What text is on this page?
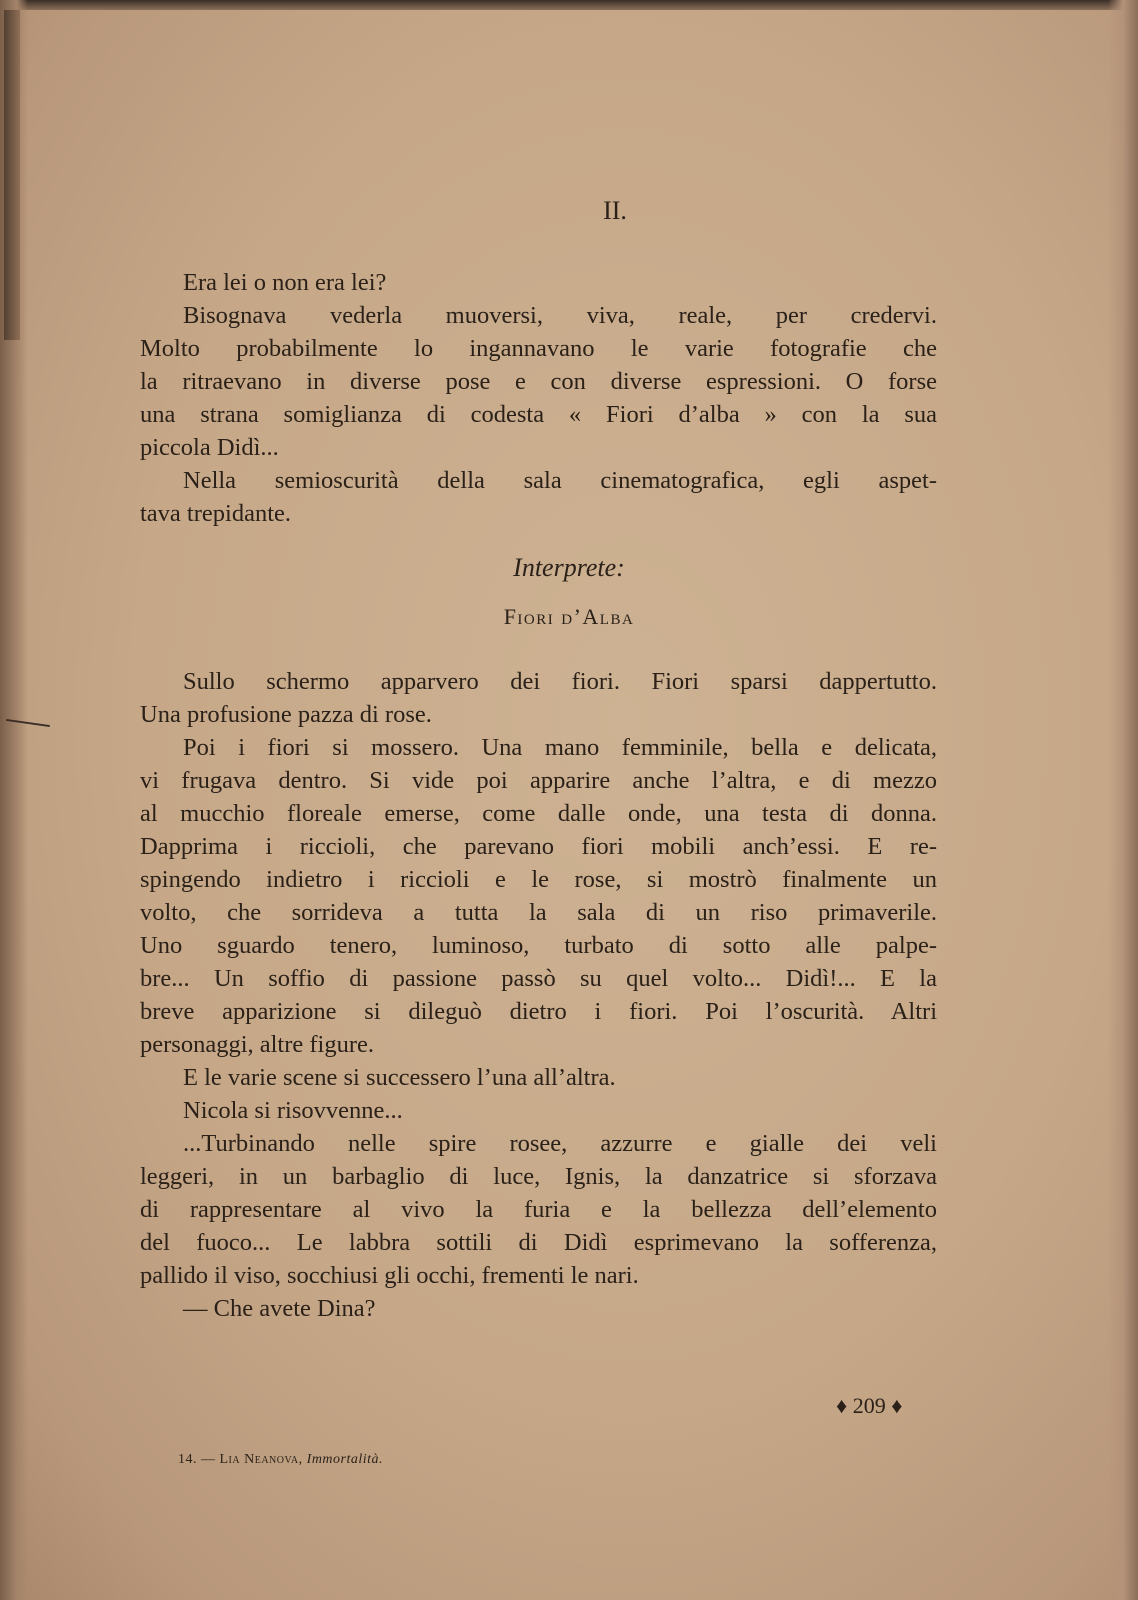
II.
Era lei o non era lei?
Bisognava vederla muoversi, viva, reale, per credervi.
Molto probabilmente lo ingannavano le varie fotografie che
la ritraevano in diverse pose e con diverse espressioni. O forse
una strana somiglianza di codesta « Fiori d’alba » con la sua
piccola Didì...
Nella semioscurità della sala cinematografica, egli aspet-
tava trepidante.
Interprete:
Fiori d’Alba
Sullo schermo apparvero dei fiori. Fiori sparsi dappertutto.
Una profusione pazza di rose.
Poi i fiori si mossero. Una mano femminile, bella e delicata,
vi frugava dentro. Si vide poi apparire anche l’altra, e di mezzo
al mucchio floreale emerse, come dalle onde, una testa di donna.
Dapprima i riccioli, che parevano fiori mobili anch’essi. E re-
spingendo indietro i riccioli e le rose, si mostrò finalmente un
volto, che sorrideva a tutta la sala di un riso primaverile.
Uno sguardo tenero, luminoso, turbato di sotto alle palpe-
bre... Un soffio di passione passò su quel volto... Didì!... E la
breve apparizione si dileguò dietro i fiori. Poi l’oscurità. Altri
personaggi, altre figure.
E le varie scene si successero l’una all’altra.
Nicola si risovvenne...
...Turbinando nelle spire rosee, azzurre e gialle dei veli
leggeri, in un barbaglio di luce, Ignis, la danzatrice si sforzava
di rappresentare al vivo la furia e la bellezza dell’elemento
del fuoco... Le labbra sottili di Didì esprimevano la sofferenza,
pallido il viso, socchiusi gli occhi, frementi le nari.
— Che avete Dina?
♦ 209 ♦
14. — Lia Neanova, Immortalità.
